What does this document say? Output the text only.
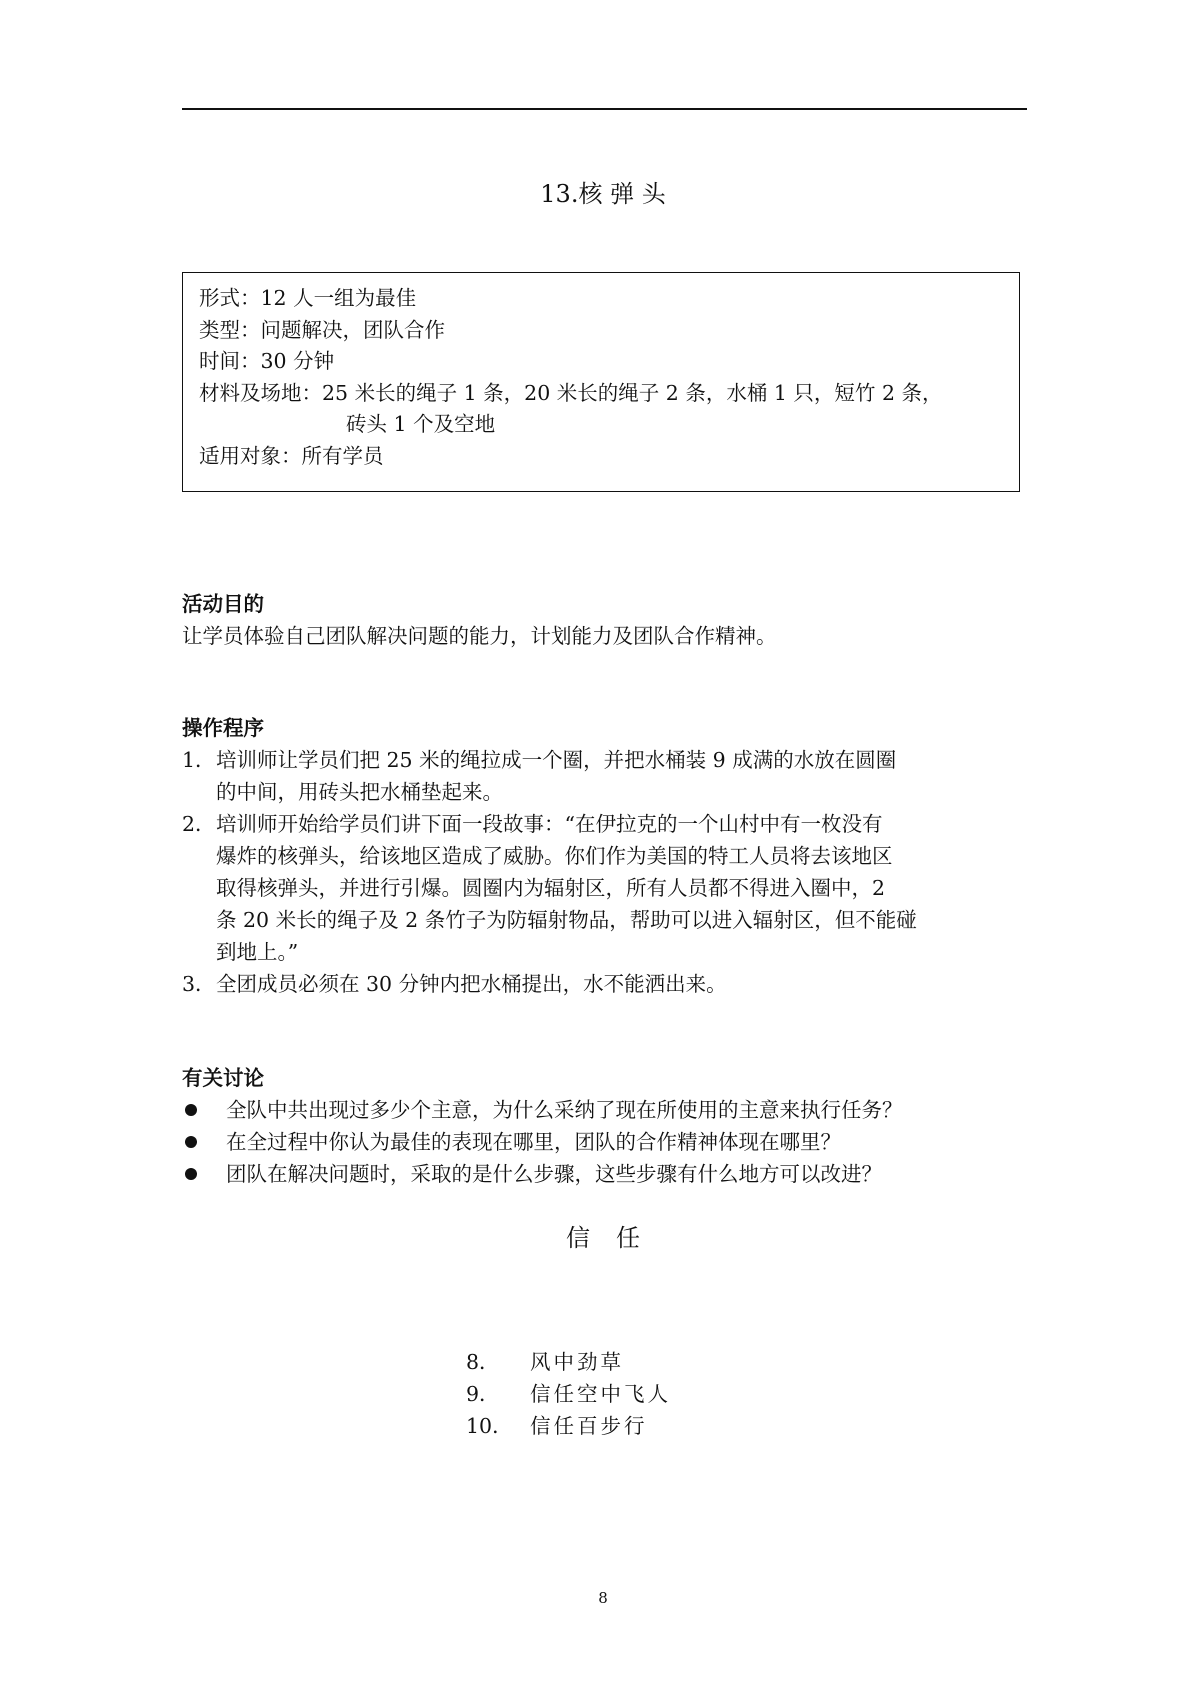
13.核 弹 头
形式：12 人一组为最佳
类型：问题解决，团队合作
时间：30 分钟
材料及场地：25 米长的绳子 1 条，20 米长的绳子 2 条，水桶 1 只，短竹 2 条，
砖头 1 个及空地
适用对象：所有学员
活动目的
让学员体验自己团队解决问题的能力，计划能力及团队合作精神。
操作程序
1． 培训师让学员们把 25 米的绳拉成一个圈，并把水桶装 9 成满的水放在圆圈
的中间，用砖头把水桶垫起来。
2． 培训师开始给学员们讲下面一段故事：“在伊拉克的一个山村中有一枚没有
爆炸的核弹头，给该地区造成了威胁。你们作为美国的特工人员将去该地区
取得核弹头，并进行引爆。圆圈内为辐射区，所有人员都不得进入圈中，2
条 20 米长的绳子及 2 条竹子为防辐射物品，帮助可以进入辐射区，但不能碰
到地上。”
3． 全团成员必须在 30 分钟内把水桶提出，水不能洒出来。
有关讨论
全队中共出现过多少个主意，为什么采纳了现在所使用的主意来执行任务？
在全过程中你认为最佳的表现在哪里，团队的合作精神体现在哪里？
团队在解决问题时，采取的是什么步骤，这些步骤有什么地方可以改进？
信任
8． 风中劲草
9． 信任空中飞人
10． 信任百步行
8
